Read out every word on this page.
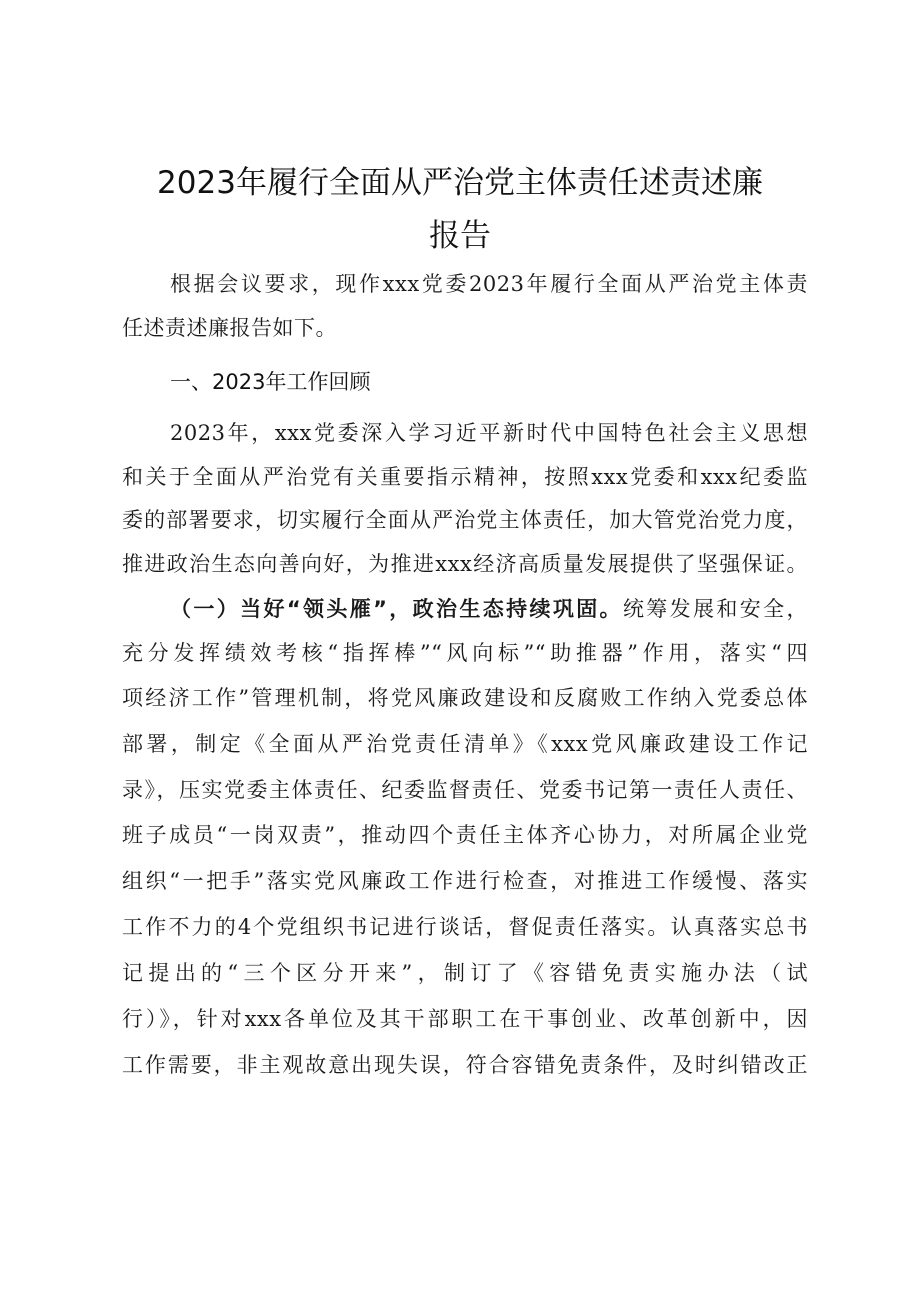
2023年履行全面从严治党主体责任述责述廉
报告
根据会议要求，现作xxx党委2023年履行全面从严治党主体责
任述责述廉报告如下。
一、2023年工作回顾
2023年，xxx党委深入学习近平新时代中国特色社会主义思想
和关于全面从严治党有关重要指示精神，按照xxx党委和xxx纪委监
委的部署要求，切实履行全面从严治党主体责任，加大管党治党力度，
推进政治生态向善向好，为推进xxx经济高质量发展提供了坚强保证。
（一）当好“领头雁”，政治生态持续巩固。统筹发展和安全，
充分发挥绩效考核“指挥棒”“风向标”“助推器”作用，落实“四
项经济工作”管理机制，将党风廉政建设和反腐败工作纳入党委总体
部署，制定《全面从严治党责任清单》《xxx党风廉政建设工作记
录》，压实党委主体责任、纪委监督责任、党委书记第一责任人责任、
班子成员“一岗双责”，推动四个责任主体齐心协力，对所属企业党
组织“一把手”落实党风廉政工作进行检查，对推进工作缓慢、落实
工作不力的4个党组织书记进行谈话，督促责任落实。认真落实总书
记提出的“三个区分开来”，制订了《容错免责实施办法（试
行）》，针对xxx各单位及其干部职工在干事创业、改革创新中，因
工作需要，非主观故意出现失误，符合容错免责条件，及时纠错改正
